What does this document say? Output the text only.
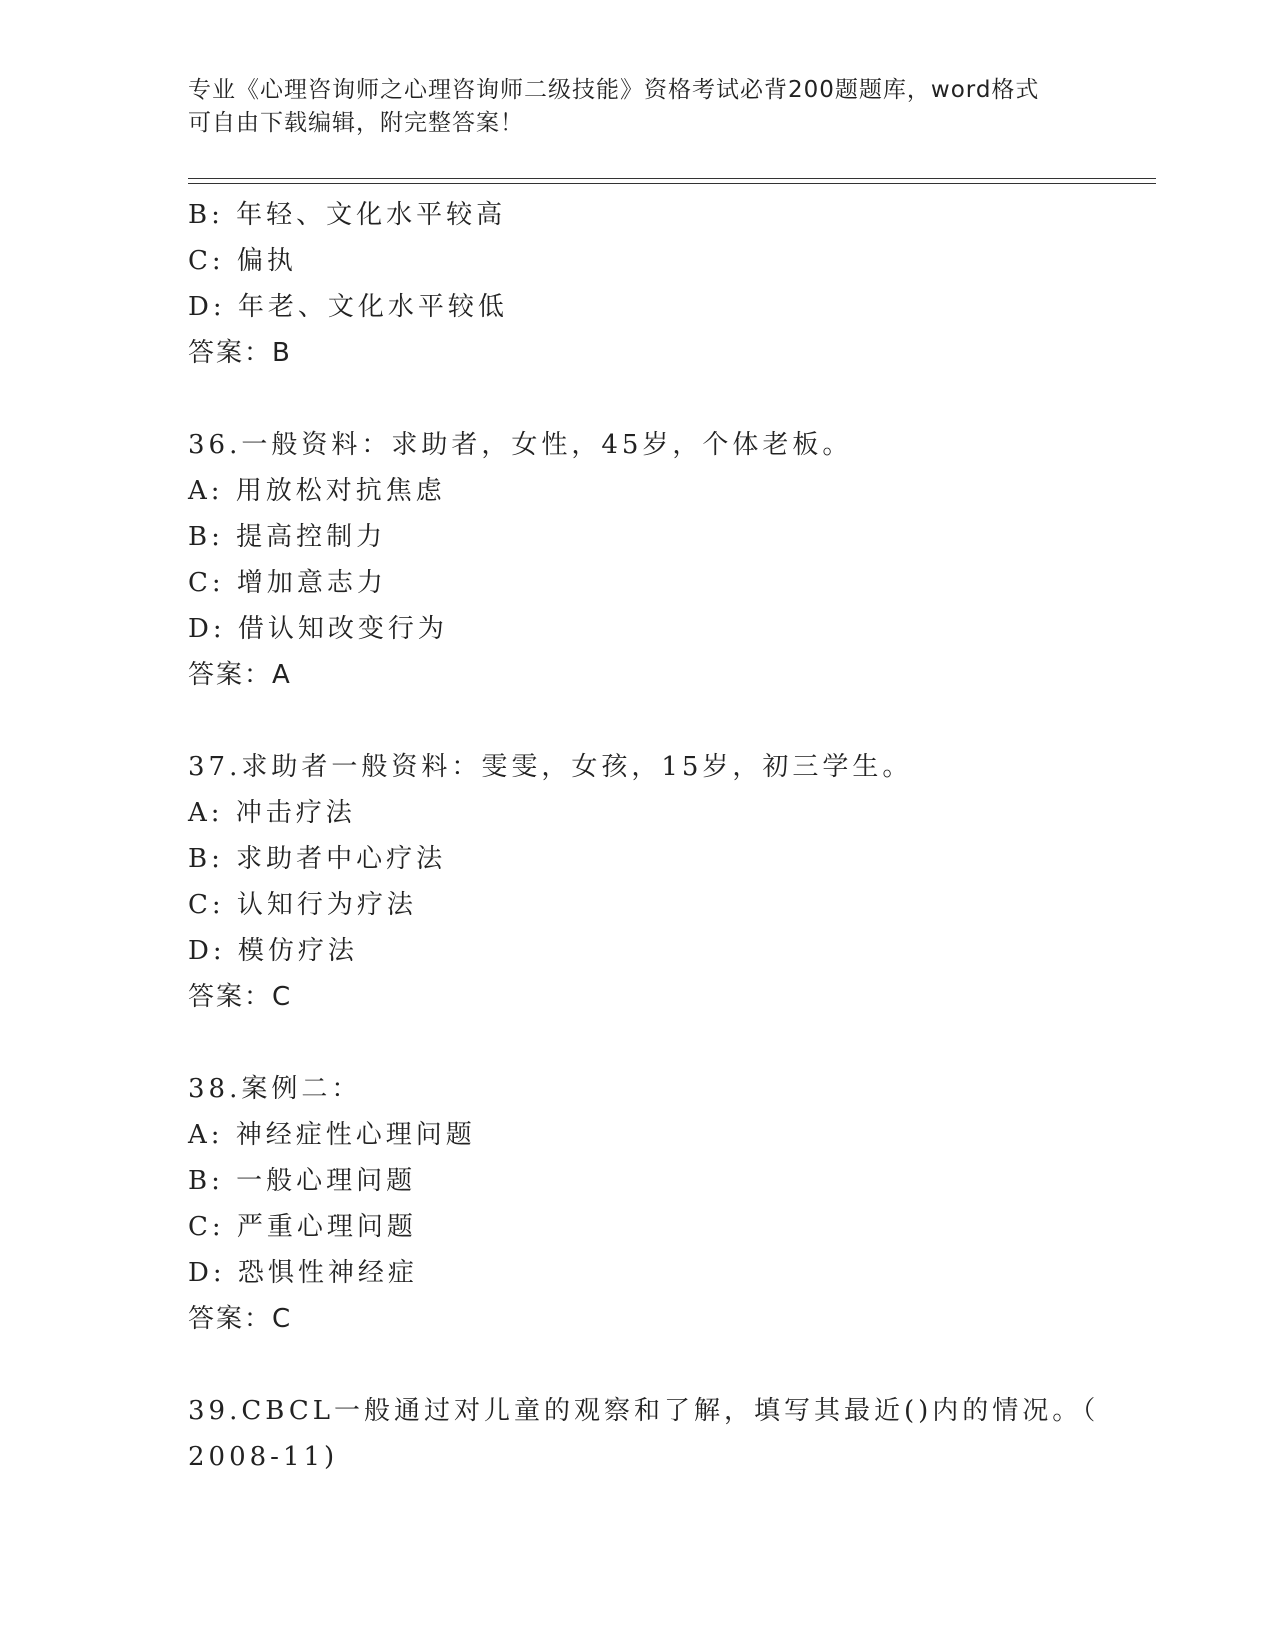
专业《心理咨询师之心理咨询师二级技能》资格考试必背200题题库，word格式
可自由下载编辑，附完整答案！
B: 年轻、文化水平较高
C: 偏执
D: 年老、文化水平较低
答案：B
36.一般资料：求助者，女性，45岁，个体老板。
A: 用放松对抗焦虑
B: 提高控制力
C: 增加意志力
D: 借认知改变行为
答案：A
37.求助者一般资料：雯雯，女孩，15岁，初三学生。
A: 冲击疗法
B: 求助者中心疗法
C: 认知行为疗法
D: 模仿疗法
答案：C
38.案例二：
A: 神经症性心理问题
B: 一般心理问题
C: 严重心理问题
D: 恐惧性神经症
答案：C
39.CBCL一般通过对儿童的观察和了解，填写其最近()内的情况。（
2008-11)
